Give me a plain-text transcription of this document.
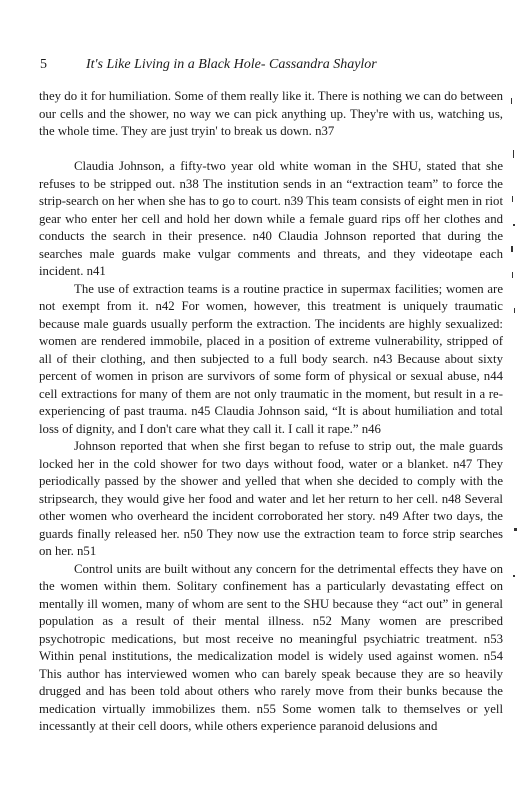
5	It's Like Living in a Black Hole- Cassandra Shaylor

they do it for humiliation. Some of them really like it. There is nothing we can do between our cells and the shower, no way we can pick anything up. They're with us, watching us, the whole time. They are just tryin' to break us down. n37

Claudia Johnson, a fifty-two year old white woman in the SHU, stated that she refuses to be stripped out. n38 The institution sends in an “extraction team” to force the strip-search on her when she has to go to court. n39 This team consists of eight men in riot gear who enter her cell and hold her down while a female guard rips off her clothes and conducts the search in their presence. n40 Claudia Johnson reported that during the searches male guards make vulgar comments and threats, and they videotape each incident. n41

The use of extraction teams is a routine practice in supermax facilities; women are not exempt from it. n42 For women, however, this treatment is uniquely traumatic because male guards usually perform the extraction. The incidents are highly sexualized: women are rendered immobile, placed in a position of extreme vulnerability, stripped of all of their clothing, and then subjected to a full body search. n43 Because about sixty percent of women in prison are survivors of some form of physical or sexual abuse, n44 cell extractions for many of them are not only traumatic in the moment, but result in a re-experiencing of past trauma. n45 Claudia Johnson said, “It is about humiliation and total loss of dignity, and I don't care what they call it. I call it rape.” n46

Johnson reported that when she first began to refuse to strip out, the male guards locked her in the cold shower for two days without food, water or a blanket. n47 They periodically passed by the shower and yelled that when she decided to comply with the stripsearch, they would give her food and water and let her return to her cell. n48 Several other women who overheard the incident corroborated her story. n49 After two days, the guards finally released her. n50 They now use the extraction team to force strip searches on her. n51

Control units are built without any concern for the detrimental effects they have on the women within them. Solitary confinement has a particularly devastating effect on mentally ill women, many of whom are sent to the SHU because they “act out” in general population as a result of their mental illness. n52 Many women are prescribed psychotropic medications, but most receive no meaningful psychiatric treatment. n53 Within penal institutions, the medicalization model is widely used against women. n54 This author has interviewed women who can barely speak because they are so heavily drugged and has been told about others who rarely move from their bunks because the medication virtually immobilizes them. n55 Some women talk to themselves or yell incessantly at their cell doors, while others experience paranoid delusions and
